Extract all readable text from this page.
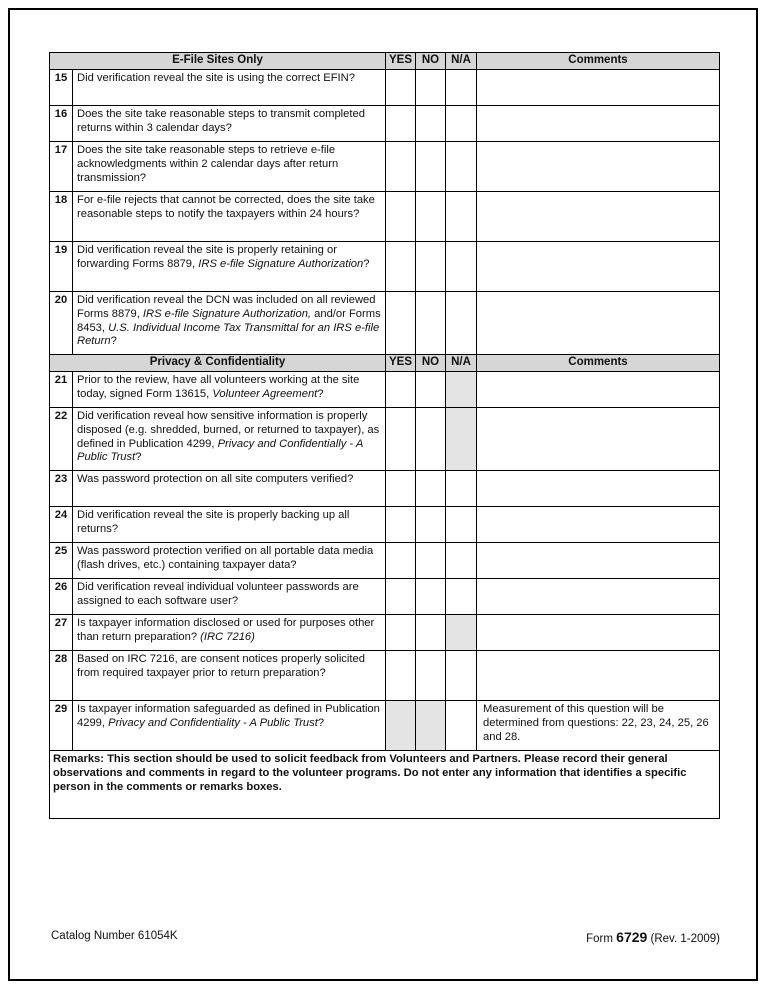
E-File Sites Only		YES	NO	N/A	Comments
15	Did verification reveal the site is using the correct EFIN?				
16	Does the site take reasonable steps to transmit completed returns within 3 calendar days?				
17	Does the site take reasonable steps to retrieve e-file acknowledgments within 2 calendar days after return transmission?				
18	For e-file rejects that cannot be corrected, does the site take reasonable steps to notify the taxpayers within 24 hours?				
19	Did verification reveal the site is properly retaining or forwarding Forms 8879, IRS e-file Signature Authorization?				
20	Did verification reveal the DCN was included on all reviewed Forms 8879, IRS e-file Signature Authorization, and/or Forms 8453, U.S. Individual Income Tax Transmittal for an IRS e-file Return?				
Privacy & Confidentiality		YES	NO	N/A	Comments
21	Prior to the review, have all volunteers working at the site today, signed Form 13615, Volunteer Agreement?				
22	Did verification reveal how sensitive information is properly disposed (e.g. shredded, burned, or returned to taxpayer), as defined in Publication 4299, Privacy and Confidentially - A Public Trust?				
23	Was password protection on all site computers verified?				
24	Did verification reveal the site is properly backing up all returns?				
25	Was password protection verified on all portable data media (flash drives, etc.) containing taxpayer data?				
26	Did verification reveal individual volunteer passwords are assigned to each software user?				
27	Is taxpayer information disclosed or used for purposes other than return preparation? (IRC 7216)				
28	Based on IRC 7216, are consent notices properly solicited from required taxpayer prior to return preparation?				
29	Is taxpayer information safeguarded as defined in Publication 4299, Privacy and Confidentiality - A Public Trust?				Measurement of this question will be determined from questions: 22, 23, 24, 25, 26 and 28.
Remarks: This section should be used to solicit feedback from Volunteers and Partners. Please record their general observations and comments in regard to the volunteer programs. Do not enter any information that identifies a specific person in the comments or remarks boxes.					
Catalog Number 61054K	Form 6729 (Rev. 1-2009)
